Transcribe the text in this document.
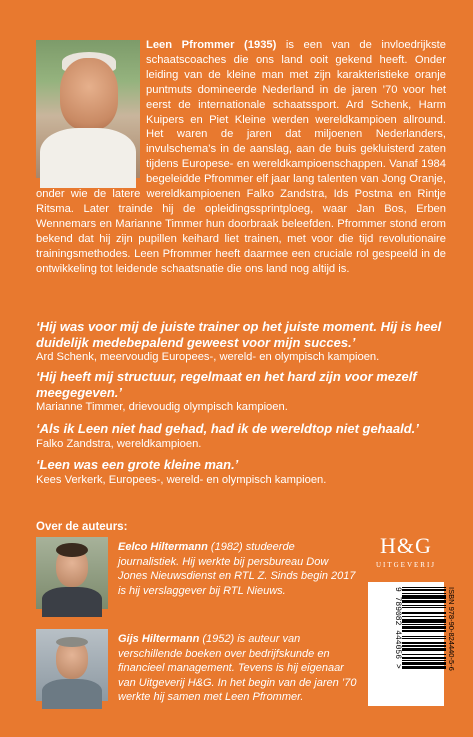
Leen Pfrommer (1935) is een van de invloedrijkste schaatscoaches die ons land ooit gekend heeft. Onder leiding van de kleine man met zijn karakteristieke oranje puntmuts domineerde Nederland in de jaren ’70 voor het eerst de internationale schaatssport. Ard Schenk, Harm Kuipers en Piet Kleine werden wereldkampioen allround. Het waren de jaren dat miljoenen Nederlanders, invulschema’s in de aanslag, aan de buis gekluisterd zaten tijdens Europese- en wereldkampioenschappen. Vanaf 1984 begeleidde Pfrommer elf jaar lang talenten van Jong Oranje, onder wie de latere wereldkampioenen Falko Zandstra, Ids Postma en Rintje Ritsma. Later trainde hij de opleidingssprintploeg, waar Jan Bos, Erben Wennemars en Marianne Timmer hun doorbraak beleefden. Pfrommer stond erom bekend dat hij zijn pupillen keihard liet trainen, met voor die tijd revolutionaire trainingsmethodes. Leen Pfrommer heeft daarmee een cruciale rol gespeeld in de ontwikkeling tot leidende schaatsnatie die ons land nog altijd is.
‘Hij was voor mij de juiste trainer op het juiste moment. Hij is heel duidelijk medebepalend geweest voor mijn succes.’
Ard Schenk, meervoudig Europees-, wereld- en olympisch kampioen.
‘Hij heeft mij structuur, regelmaat en het hard zijn voor mezelf meegegeven.’
Marianne Timmer, drievoudig olympisch kampioen.
‘Als ik Leen niet had gehad, had ik de wereldtop niet gehaald.’
Falko Zandstra, wereldkampioen.
‘Leen was een grote kleine man.’
Kees Verkerk, Europees-, wereld- en olympisch kampioen.
Over de auteurs:
Eelco Hiltermann (1982) studeerde journalistiek. Hij werkte bij persbureau Dow Jones Nieuwsdienst en RTL Z. Sinds begin 2017 is hij verslaggever bij RTL Nieuws.
Gijs Hiltermann (1952) is auteur van verschillende boeken over bedrijfskunde en financieel management. Tevens is hij eigenaar van Uitgeverij H&G. In het begin van de jaren ’70 werkte hij samen met Leen Pfrommer.
H&G
UITGEVERIJ
ISBN 978-90-824440-5-6
9 789082 444056 >
